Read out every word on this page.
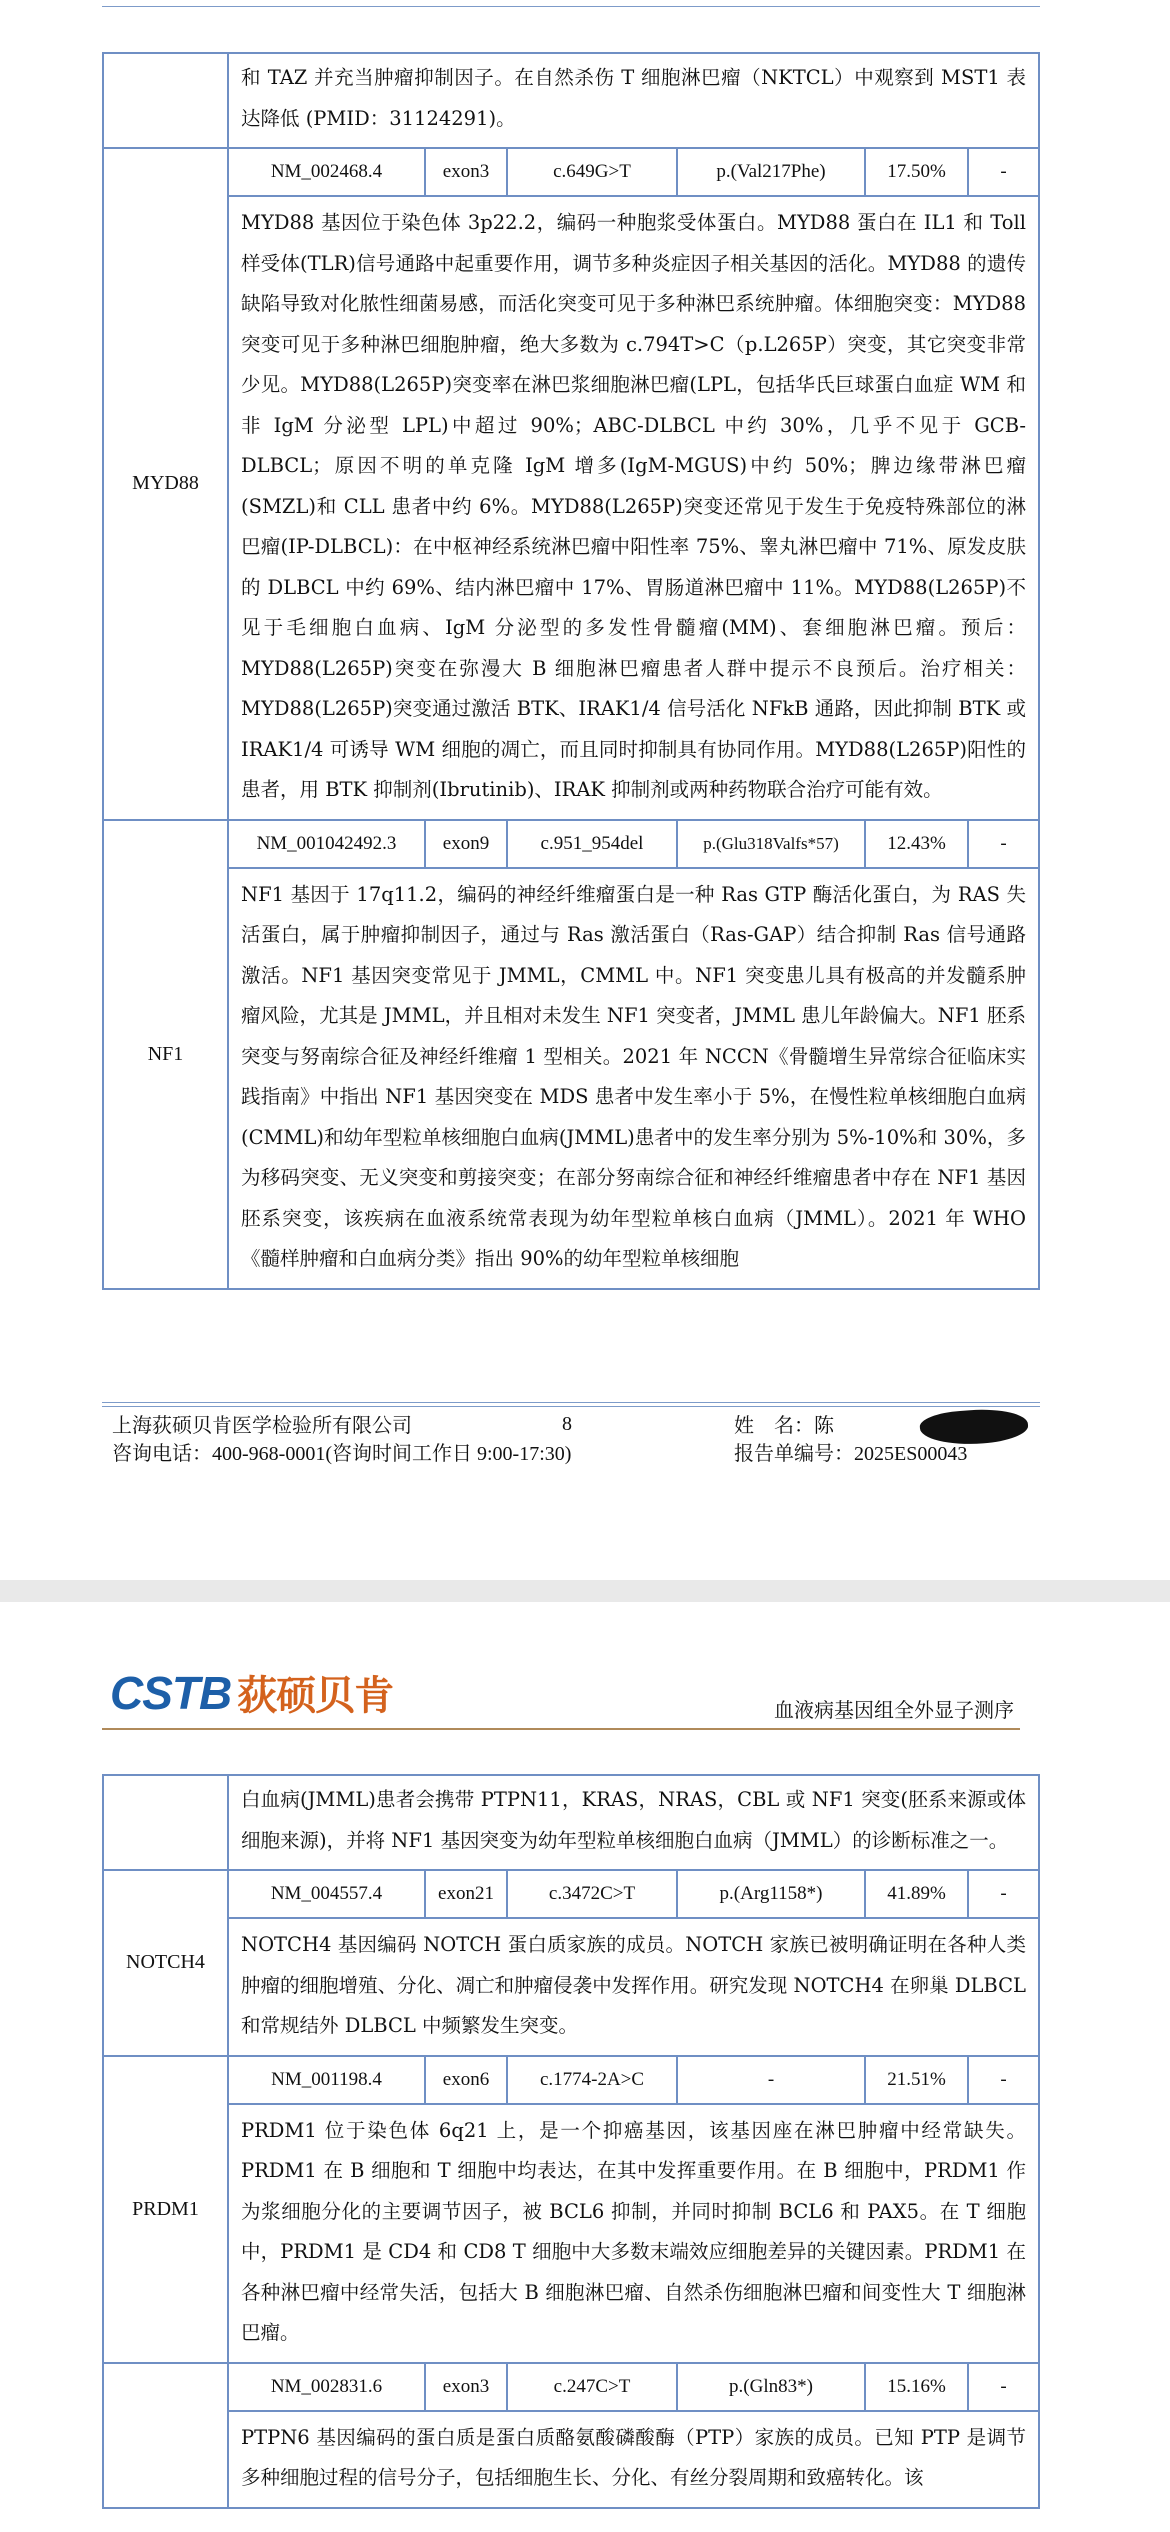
和 TAZ 并充当肿瘤抑制因子。在自然杀伤 T 细胞淋巴瘤（NKTCL）中观察到 MST1 表达降低 (PMID：31124291)。

MYD88	
NM_002468.4	exon3	c.649G>T	p.(Val217Phe)	17.50%	-
MYD88 基因位于染色体 3p22.2，编码一种胞浆受体蛋白。MYD88 蛋白在 IL1 和 Toll 样受体(TLR)信号通路中起重要作用，调节多种炎症因子相关基因的活化。MYD88 的遗传缺陷导致对化脓性细菌易感，而活化突变可见于多种淋巴系统肿瘤。体细胞突变：MYD88 突变可见于多种淋巴细胞肿瘤，绝大多数为 c.794T>C（p.L265P）突变，其它突变非常少见。MYD88(L265P)突变率在淋巴浆细胞淋巴瘤(LPL，包括华氏巨球蛋白血症 WM 和非 IgM 分泌型 LPL)中超过 90%；ABC-DLBCL 中约 30%，几乎不见于 GCB-DLBCL；原因不明的单克隆 IgM 增多(IgM-MGUS)中约 50%；脾边缘带淋巴瘤(SMZL)和 CLL 患者中约 6%。MYD88(L265P)突变还常见于发生于免疫特殊部位的淋巴瘤(IP-DLBCL)：在中枢神经系统淋巴瘤中阳性率 75%、睾丸淋巴瘤中 71%、原发皮肤的 DLBCL 中约 69%、结内淋巴瘤中 17%、胃肠道淋巴瘤中 11%。MYD88(L265P)不见于毛细胞白血病、IgM 分泌型的多发性骨髓瘤(MM)、套细胞淋巴瘤。预后：MYD88(L265P)突变在弥漫大 B 细胞淋巴瘤患者人群中提示不良预后。治疗相关：MYD88(L265P)突变通过激活 BTK、IRAK1/4 信号活化 NFkB 通路，因此抑制 BTK 或 IRAK1/4 可诱导 WM 细胞的凋亡，而且同时抑制具有协同作用。MYD88(L265P)阳性的患者，用 BTK 抑制剂(Ibrutinib)、IRAK 抑制剂或两种药物联合治疗可能有效。

NF1	
NM_001042492.3	exon9	c.951_954del	p.(Glu318Valfs*57)	12.43%	-
NF1 基因于 17q11.2，编码的神经纤维瘤蛋白是一种 Ras GTP 酶活化蛋白，为 RAS 失活蛋白，属于肿瘤抑制因子，通过与 Ras 激活蛋白（Ras-GAP）结合抑制 Ras 信号通路激活。NF1 基因突变常见于 JMML，CMML 中。NF1 突变患儿具有极高的并发髓系肿瘤风险，尤其是 JMML，并且相对未发生 NF1 突变者，JMML 患儿年龄偏大。NF1 胚系突变与努南综合征及神经纤维瘤 1 型相关。2021 年 NCCN《骨髓增生异常综合征临床实践指南》中指出 NF1 基因突变在 MDS 患者中发生率小于 5%，在慢性粒单核细胞白血病(CMML)和幼年型粒单核细胞白血病(JMML)患者中的发生率分别为 5%-10%和 30%，多为移码突变、无义突变和剪接突变；在部分努南综合征和神经纤维瘤患者中存在 NF1 基因胚系突变，该疾病在血液系统常表现为幼年型粒单核白血病（JMML）。2021 年 WHO《髓样肿瘤和白血病分类》指出 90%的幼年型粒单核细胞
上海荻硕贝肯医学检验所有限公司	8
咨询电话：400-968-0001(咨询时间工作日 9:00-17:30)
姓　名：陈
报告单编号：2025ES00043
CSTB 荻硕贝肯	血液病基因组全外显子测序

白血病(JMML)患者会携带 PTPN11，KRAS，NRAS，CBL 或 NF1 突变(胚系来源或体细胞来源)，并将 NF1 基因突变为幼年型粒单核细胞白血病（JMML）的诊断标准之一。

NOTCH4	
NM_004557.4	exon21	c.3472C>T	p.(Arg1158*)	41.89%	-
NOTCH4 基因编码 NOTCH 蛋白质家族的成员。NOTCH 家族已被明确证明在各种人类肿瘤的细胞增殖、分化、凋亡和肿瘤侵袭中发挥作用。研究发现 NOTCH4 在卵巢 DLBCL 和常规结外 DLBCL 中频繁发生突变。

PRDM1	
NM_001198.4	exon6	c.1774-2A>C	-	21.51%	-
PRDM1 位于染色体 6q21 上，是一个抑癌基因，该基因座在淋巴肿瘤中经常缺失。PRDM1 在 B 细胞和 T 细胞中均表达，在其中发挥重要作用。在 B 细胞中，PRDM1 作为浆细胞分化的主要调节因子，被 BCL6 抑制，并同时抑制 BCL6 和 PAX5。在 T 细胞中，PRDM1 是 CD4 和 CD8 T 细胞中大多数末端效应细胞差异的关键因素。PRDM1 在各种淋巴瘤中经常失活，包括大 B 细胞淋巴瘤、自然杀伤细胞淋巴瘤和间变性大 T 细胞淋巴瘤。

NM_002831.6	exon3	c.247C>T	p.(Gln83*)	15.16%	-
PTPN6 基因编码的蛋白质是蛋白质酪氨酸磷酸酶（PTP）家族的成员。已知 PTP 是调节多种细胞过程的信号分子，包括细胞生长、分化、有丝分裂周期和致癌转化。该
